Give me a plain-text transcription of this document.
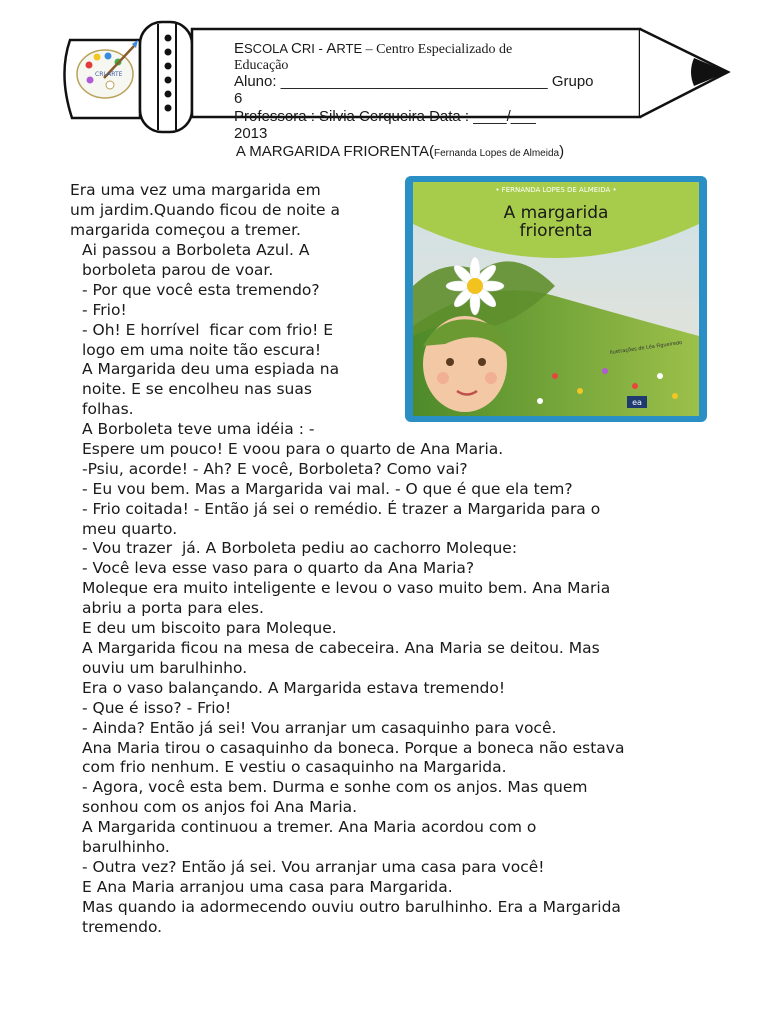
CRI-ARTE
ESCOLA CRI - ARTE – Centro Especializado de Educação
Aluno: ________________________________ Grupo 6
Professora : Silvia Cerqueira Data : ____/___ 2013
A MARGARIDA FRIORENTA(Fernanda Lopes de Almeida)
• FERNANDA LOPES DE ALMEIDA •
A margarida
friorenta
Ilustrações de Léa Figueiredo
ea
Era uma vez uma margarida em
um jardim.Quando ficou de noite a
margarida começou a tremer.
Ai passou a Borboleta Azul. A
borboleta parou de voar.
- Por que você esta tremendo?
- Frio!
- Oh! E horrível  ficar com frio! E
logo em uma noite tão escura!
A Margarida deu uma espiada na
noite. E se encolheu nas suas
folhas.
A Borboleta teve uma idéia : -
Espere um pouco! E voou para o quarto de Ana Maria.
-Psiu, acorde! - Ah? E você, Borboleta? Como vai?
- Eu vou bem. Mas a Margarida vai mal. - O que é que ela tem?
- Frio coitada! - Então já sei o remédio. É trazer a Margarida para o
meu quarto.
- Vou trazer  já. A Borboleta pediu ao cachorro Moleque:
- Você leva esse vaso para o quarto da Ana Maria?
Moleque era muito inteligente e levou o vaso muito bem. Ana Maria
abriu a porta para eles.
E deu um biscoito para Moleque.
A Margarida ficou na mesa de cabeceira. Ana Maria se deitou. Mas
ouviu um barulhinho.
Era o vaso balançando. A Margarida estava tremendo!
- Que é isso? - Frio!
- Ainda? Então já sei! Vou arranjar um casaquinho para você.
Ana Maria tirou o casaquinho da boneca. Porque a boneca não estava
com frio nenhum. E vestiu o casaquinho na Margarida.
- Agora, você esta bem. Durma e sonhe com os anjos. Mas quem
sonhou com os anjos foi Ana Maria.
A Margarida continuou a tremer. Ana Maria acordou com o
barulhinho.
- Outra vez? Então já sei. Vou arranjar uma casa para você!
E Ana Maria arranjou uma casa para Margarida.
Mas quando ia adormecendo ouviu outro barulhinho. Era a Margarida
tremendo.
